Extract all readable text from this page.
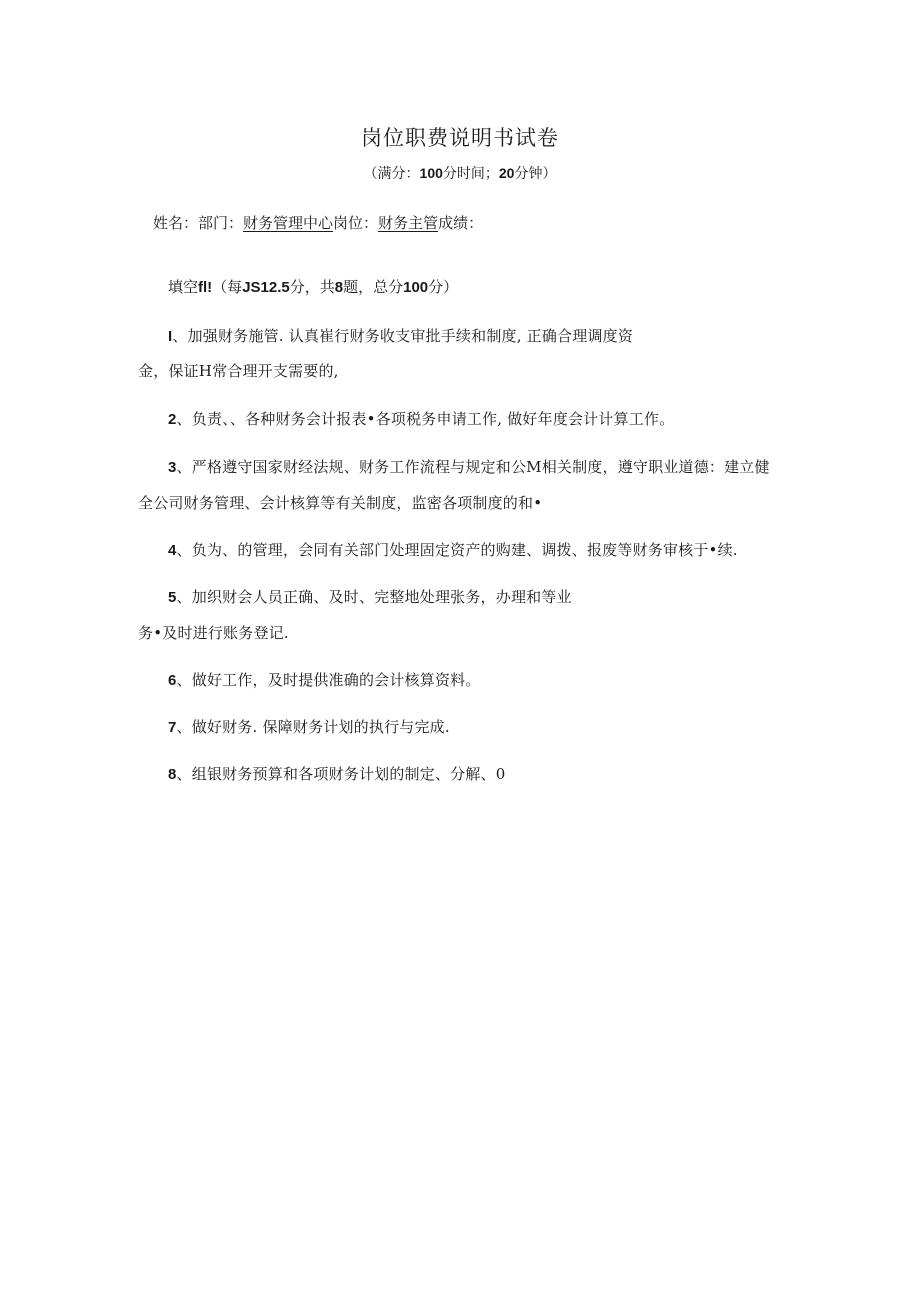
岗位职费说明书试卷
（满分：100分时间；20分钟）
姓名：部门：财务管理中心岗位：财务主管成绩：
填空fl!（每JS12.5分，共8题，总分100分）
I、加强财务施管. 认真崔行财务收支审批手续和制度, 正确合理调度资
金，保证H常合理开支需要的,
2、负责、、各种财务会计报表•各项税务申请工作, 做好年度会计计算工作。
3、严格遵守国家财经法规、财务工作流程与规定和公M相关制度，遵守职业道德：建立健
全公司财务管理、会计核算等有关制度，监密各项制度的和•
4、负为、的管理，会同有关部门处理固定资产的购建、调拨、报废等财务审核于•续.
5、加织财会人员正确、及时、完整地处理张务，办理和等业
务•及时进行账务登记.
6、做好工作，及时提供准确的会计核算资料。
7、做好财务. 保障财务计划的执行与完成.
8、组银财务预算和各项财务计划的制定、分解、0
